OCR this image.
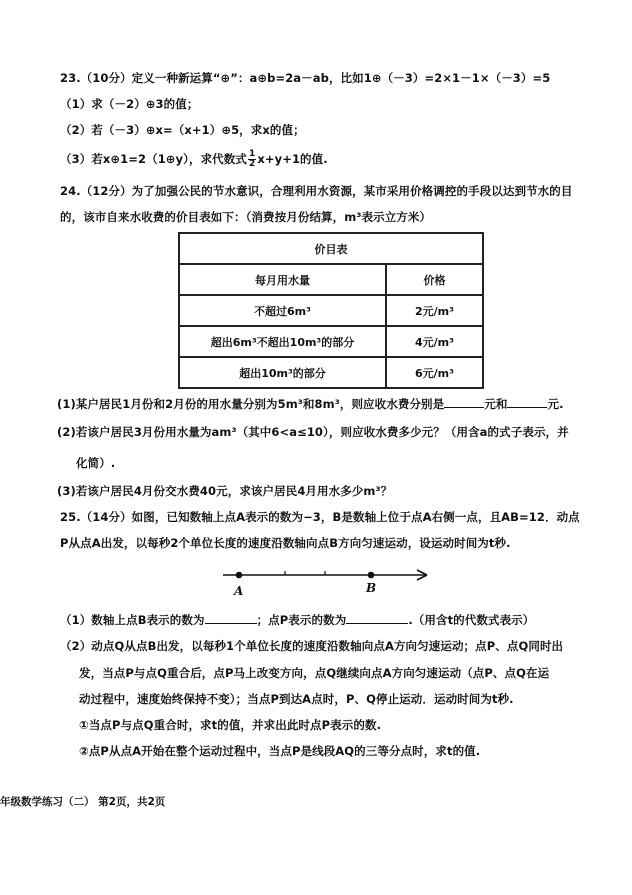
23.（10分）定义一种新运算“⊕”：a⊕b=2a－ab，比如1⊕（－3）=2×1－1×（－3）=5
（1）求（－2）⊕3的值；
（2）若（－3）⊕x=（x+1）⊕5，求x的值；
（3）若x⊕1=2（1⊕y），求代数式 $\frac{1}{2} x+y+1$的值.
24.（12分）为了加强公民的节水意识，合理利用水资源，某市采用价格调控的手段以达到节水的目
的，该市自来水收费的价目表如下：（消费按月份结算，m³表示立方米）
价目表	
每月用水量	价格
不超过6m³	2元/m³
超出6m³不超出10m³的部分	4元/m³
超出10m³的部分	6元/m³
(1)某户居民1月份和2月份的用水量分别为5m³和8m³，则应收水费分别是	元和	元.
(2)若该户居民3月份用水量为am³（其中6<a≤10），则应收水费多少元？（用含a的式子表示，并
化简）.
(3)若该户居民4月份交水费40元，求该户居民4月用水多少m³？
25.（14分）如图，已知数轴上点A表示的数为−3，B是数轴上位于点A右侧一点，且AB=12．动点
P从点A出发，以每秒2个单位长度的速度沿数轴向点B方向匀速运动，设运动时间为t秒.
A	B
（1）数轴上点B表示的数为	；点P表示的数为	.（用含t的代数式表示）
（2）动点Q从点B出发，以每秒1个单位长度的速度沿数轴向点A方向匀速运动；点P、点Q同时出
发，当点P与点Q重合后，点P马上改变方向，点Q继续向点A方向匀速运动（点P、点Q在运
动过程中，速度始终保持不变）；当点P到达A点时，P、Q停止运动．运动时间为t秒.
①当点P与点Q重合时，求t的值，并求出此时点P表示的数.
②点P从点A开始在整个运动过程中，当点P是线段AQ的三等分点时，求t的值.
年级数学练习（二） 第2页，共2页
